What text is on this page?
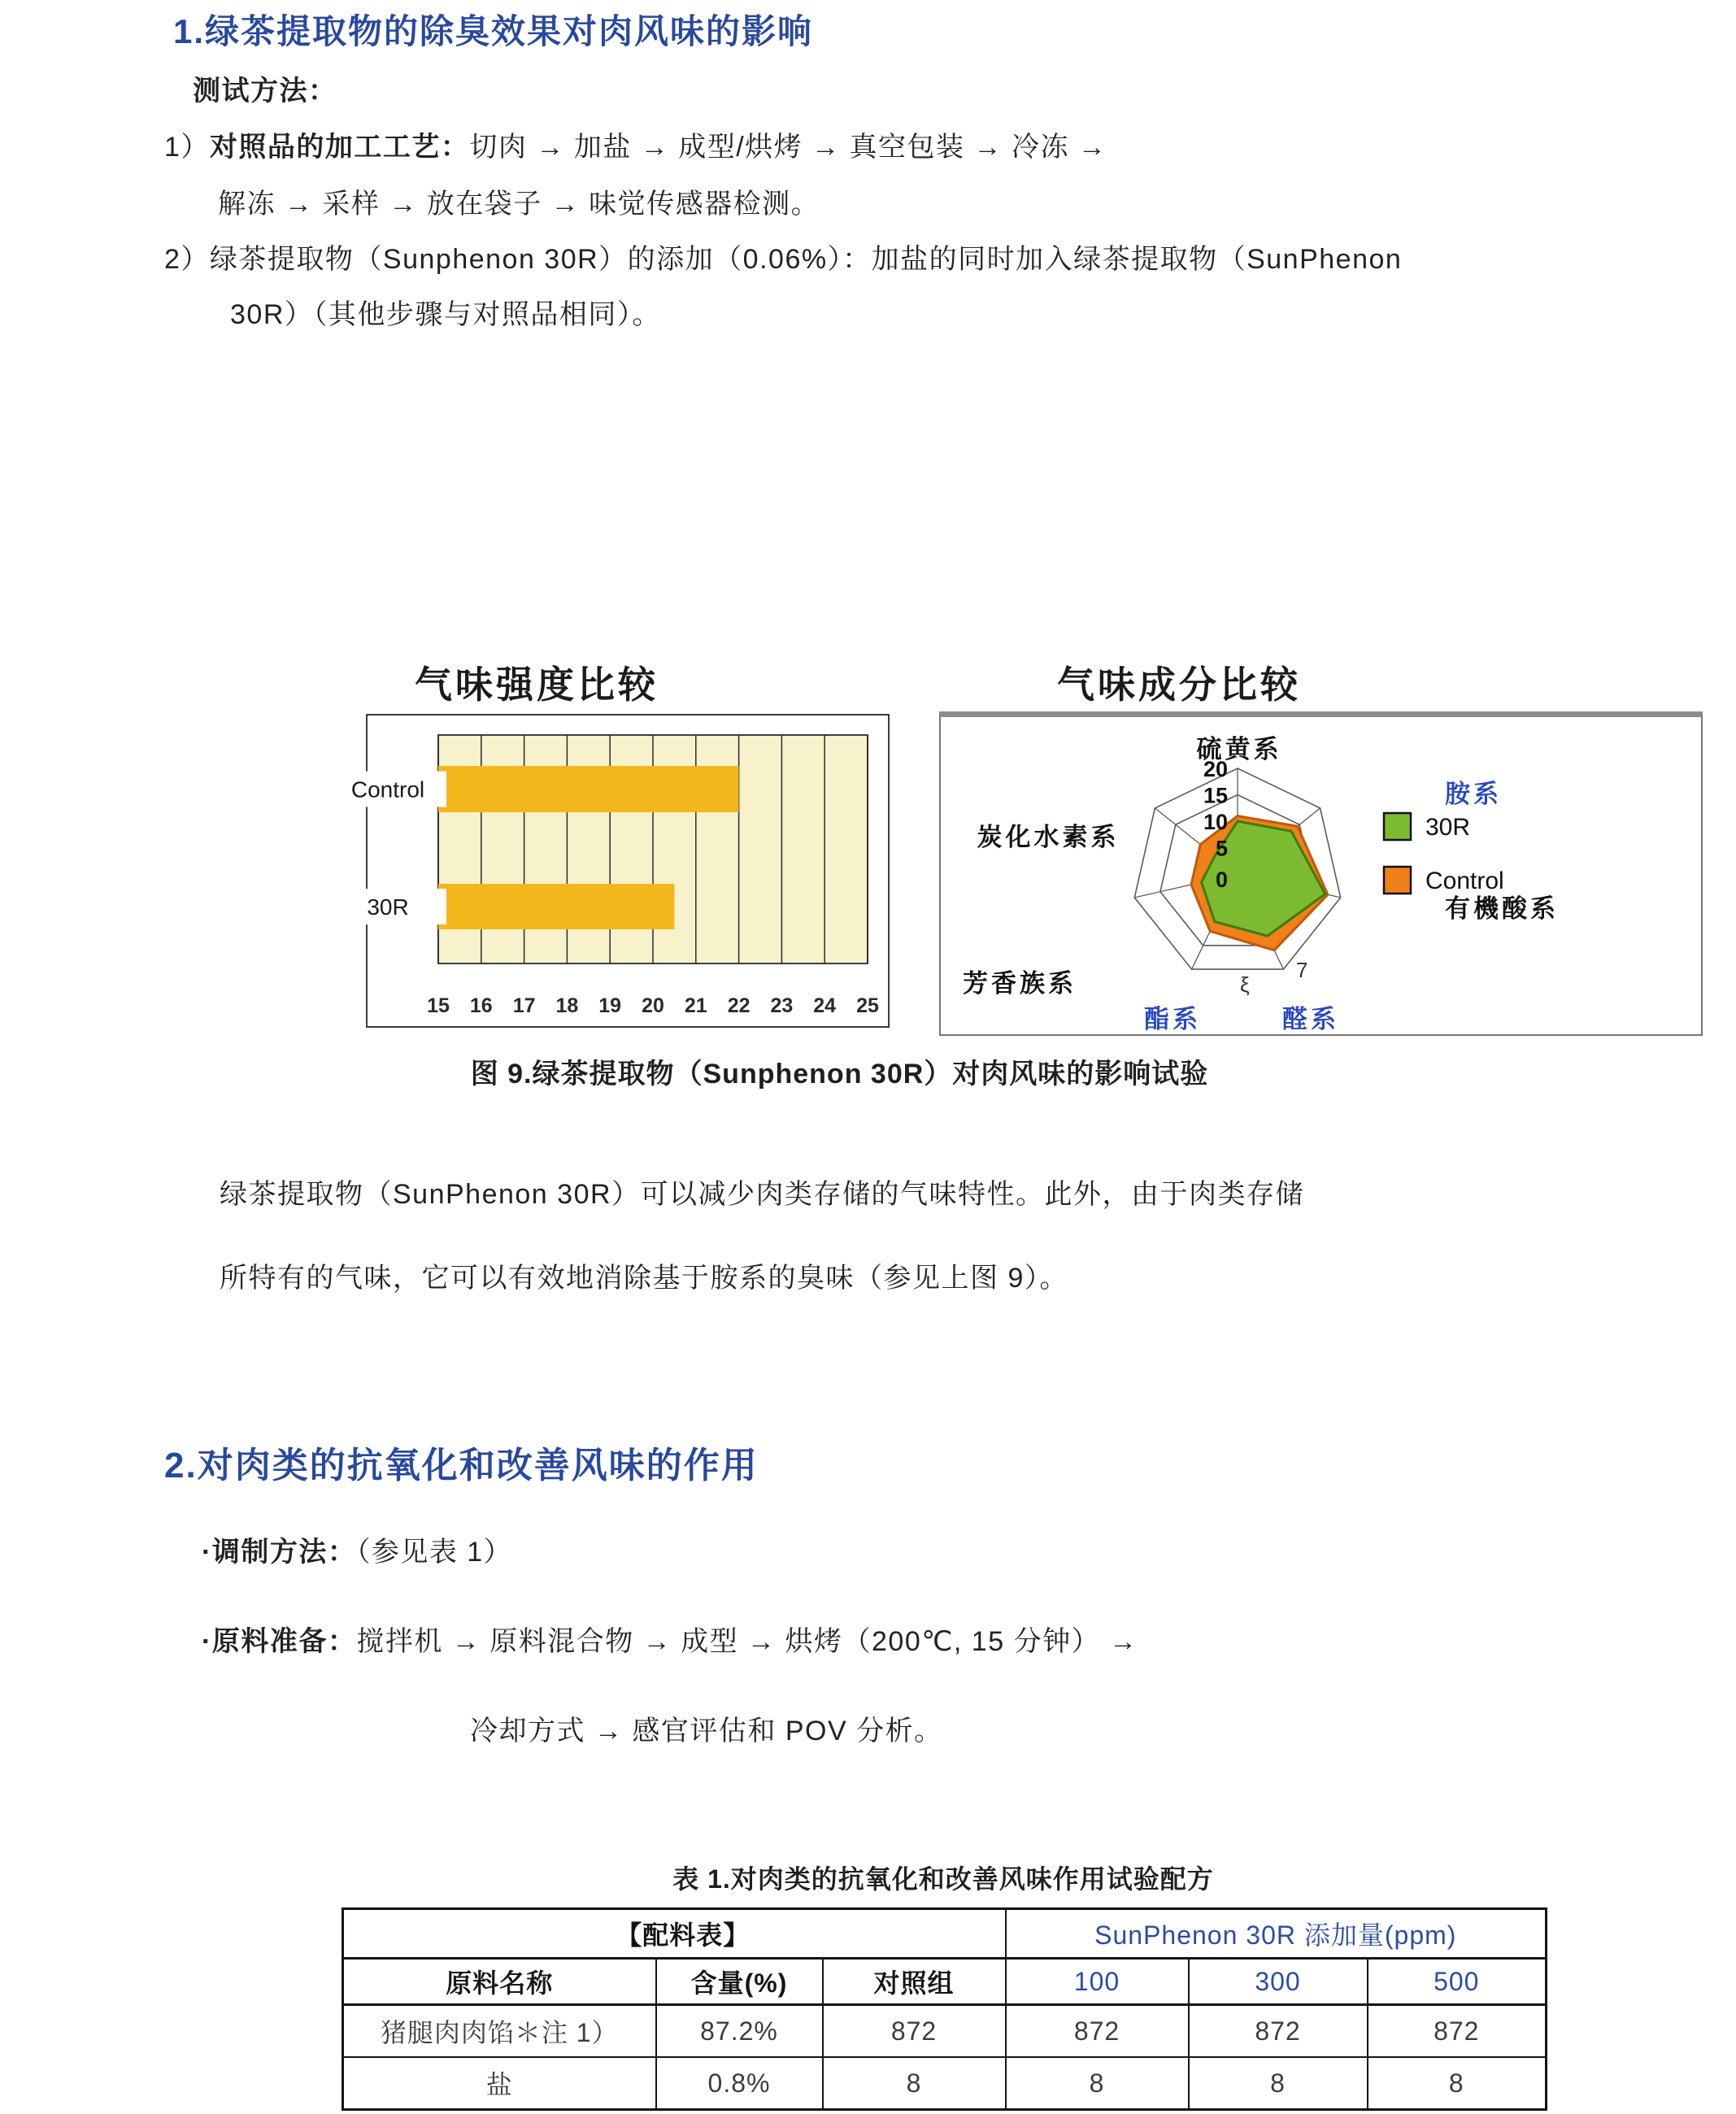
1.绿茶提取物的除臭效果对肉风味的影响
测试方法：
1）对照品的加工工艺：切肉 → 加盐 → 成型/烘烤 → 真空包装 → 冷冻 →
解冻 → 采样 → 放在袋子 → 味觉传感器检测。
2）绿茶提取物（Sunphenon 30R）的添加（0.06%）：加盐的同时加入绿茶提取物（SunPhenon
30R）（其他步骤与对照品相同）。
气味强度比较	气味成分比较
15 16 17 18 19 20 21 22 23 24 25
Control
30R
0
5
10
15
20
硫黄系
胺系
有機酸系
醛系
酯系
芳香族系
炭化水素系
7
ξ
30R
Control
图 9.绿茶提取物（Sunphenon 30R）对肉风味的影响试验
绿茶提取物（SunPhenon 30R）可以减少肉类存储的气味特性。此外，由于肉类存储
所特有的气味，它可以有效地消除基于胺系的臭味（参见上图 9）。
2.对肉类的抗氧化和改善风味的作用
·调制方法：（参见表 1）
·原料准备：搅拌机 → 原料混合物 → 成型 → 烘烤（200℃, 15 分钟） →
冷却方式 → 感官评估和 POV 分析。
表 1.对肉类的抗氧化和改善风味作用试验配方
【配料表】			SunPhenon 30R 添加量(ppm)		
原料名称	含量(%)	对照组	100	300	500
猪腿肉肉馅＊注 1）	87.2%	872	872	872	872
盐	0.8%	8	8	8	8
